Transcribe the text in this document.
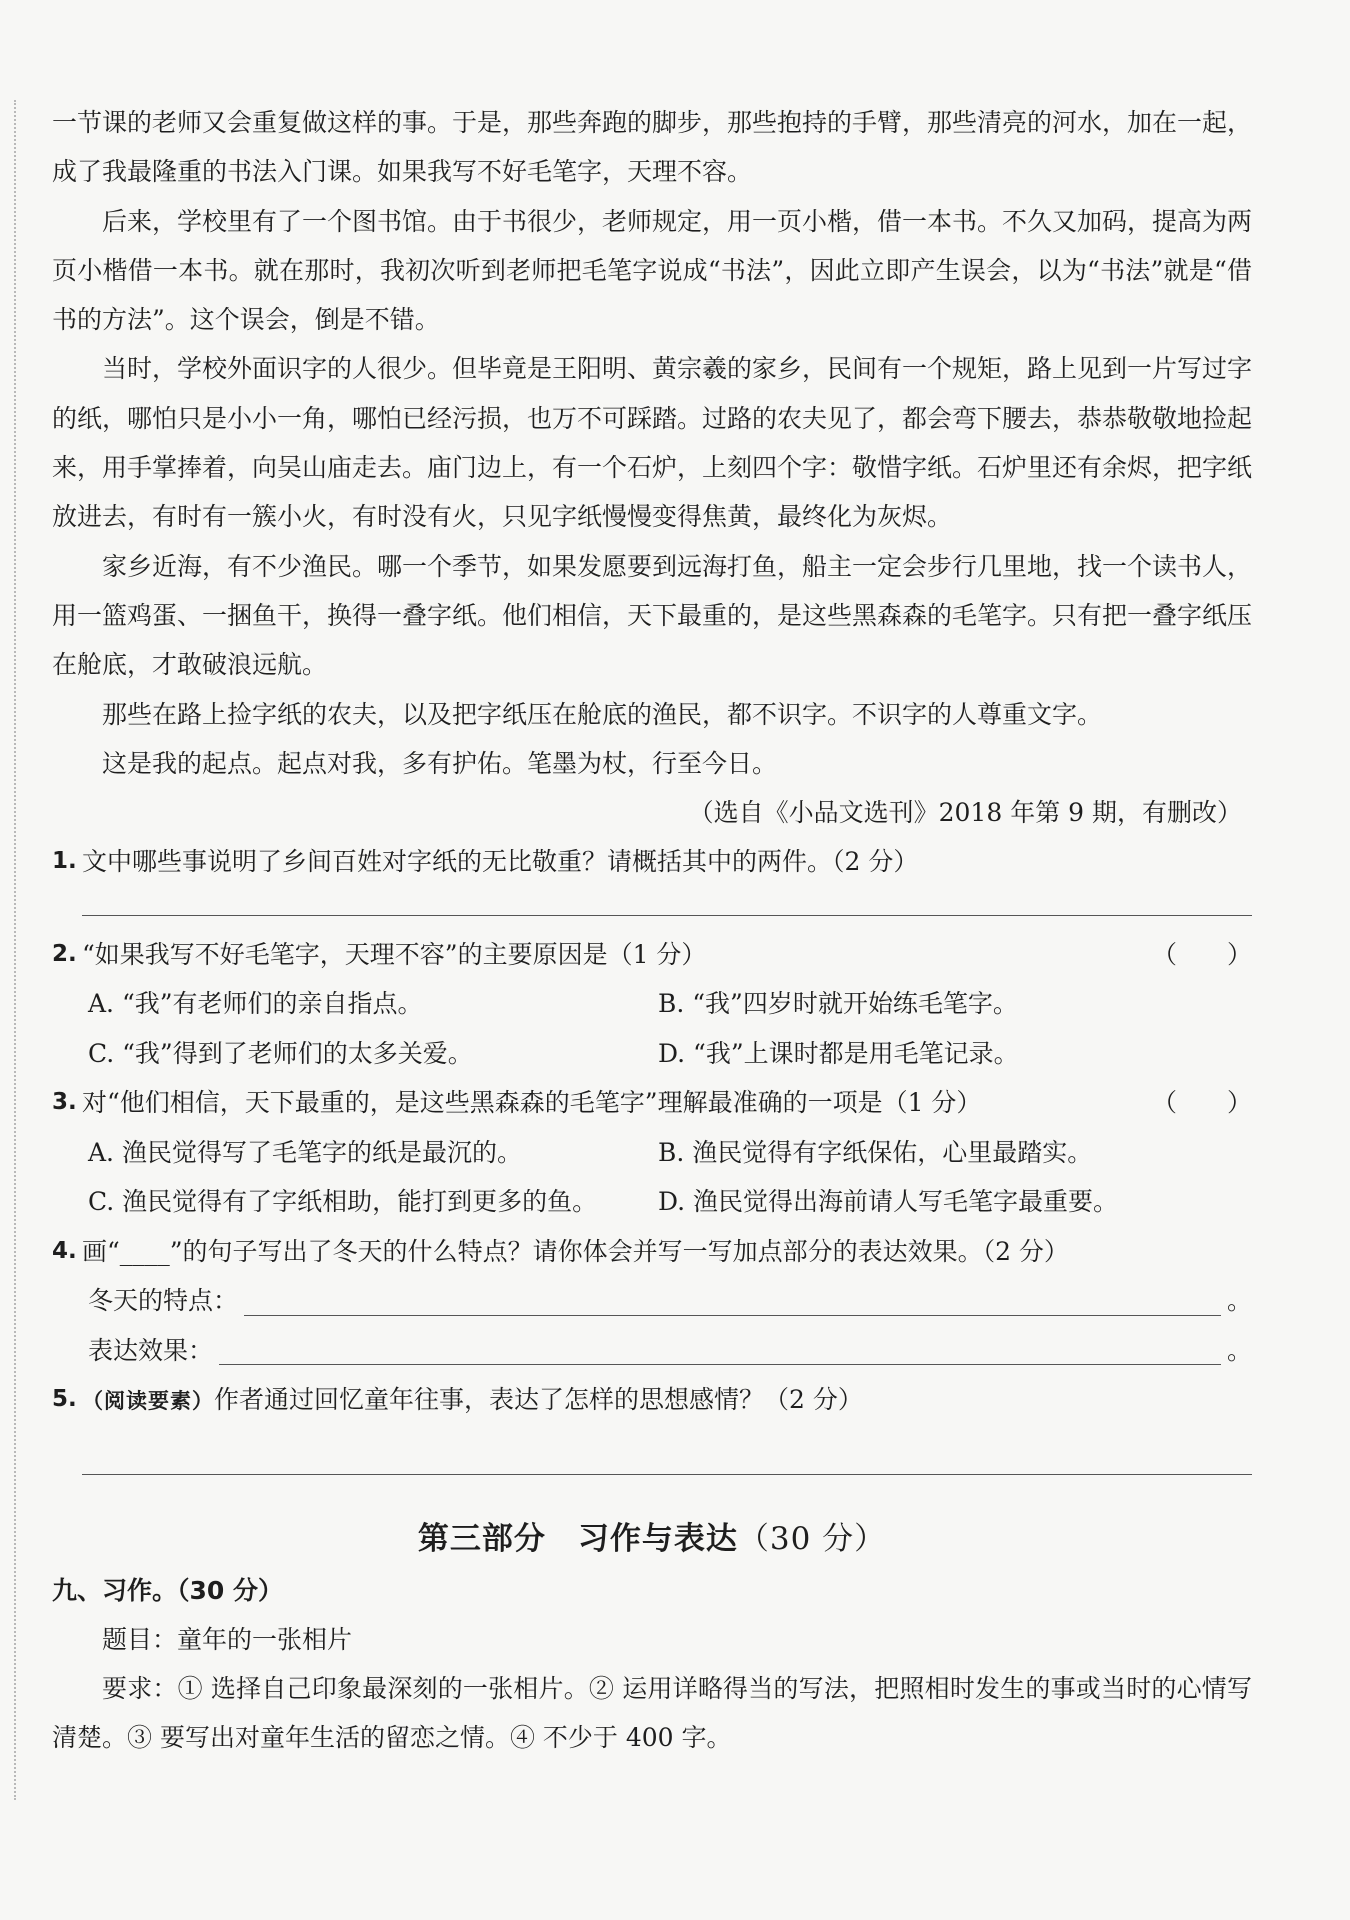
一节课的老师又会重复做这样的事。于是，那些奔跑的脚步，那些抱持的手臂，那些清亮的河水，加在一起，成了我最隆重的书法入门课。如果我写不好毛笔字，天理不容。

后来，学校里有了一个图书馆。由于书很少，老师规定，用一页小楷，借一本书。不久又加码，提高为两页小楷借一本书。就在那时，我初次听到老师把毛笔字说成“书法”，因此立即产生误会，以为“书法”就是“借书的方法”。这个误会，倒是不错。

当时，学校外面识字的人很少。但毕竟是王阳明、黄宗羲的家乡，民间有一个规矩，路上见到一片写过字的纸，哪怕只是小小一角，哪怕已经污损，也万不可踩踏。过路的农夫见了，都会弯下腰去，恭恭敬敬地捡起来，用手掌捧着，向吴山庙走去。庙门边上，有一个石炉，上刻四个字：敬惜字纸。石炉里还有余烬，把字纸放进去，有时有一簇小火，有时没有火，只见字纸慢慢变得焦黄，最终化为灰烬。

家乡近海，有不少渔民。哪一个季节，如果发愿要到远海打鱼，船主一定会步行几里地，找一个读书人，用一篮鸡蛋、一捆鱼干，换得一叠字纸。他们相信，天下最重的，是这些黑森森的毛笔字。只有把一叠字纸压在舱底，才敢破浪远航。

那些在路上捡字纸的农夫，以及把字纸压在舱底的渔民，都不识字。不识字的人尊重文字。

这是我的起点。起点对我，多有护佑。笔墨为杖，行至今日。

（选自《小品文选刊》2018 年第 9 期，有删改）

1. 文中哪些事说明了乡间百姓对字纸的无比敬重？请概括其中的两件。（2 分）
2. “如果我写不好毛笔字，天理不容”的主要原因是（1 分）	（　　）
A. “我”有老师们的亲自指点。	B. “我”四岁时就开始练毛笔字。
C. “我”得到了老师们的太多关爱。	D. “我”上课时都是用毛笔记录。
3. 对“他们相信，天下最重的，是这些黑森森的毛笔字”理解最准确的一项是（1 分）	（　　）
A. 渔民觉得写了毛笔字的纸是最沉的。	B. 渔民觉得有字纸保佑，心里最踏实。
C. 渔民觉得有了字纸相助，能打到更多的鱼。	D. 渔民觉得出海前请人写毛笔字最重要。
4. 画“____”的句子写出了冬天的什么特点？请你体会并写一写加点部分的表达效果。（2 分）
冬天的特点：	。
表达效果：	。
5. （阅读要素）作者通过回忆童年往事，表达了怎样的思想感情？（2 分）
第三部分　习作与表达（30 分）

九、习作。（30 分）

题目：童年的一张相片

要求：① 选择自己印象最深刻的一张相片。② 运用详略得当的写法，把照相时发生的事或当时的心情写清楚。③ 要写出对童年生活的留恋之情。④ 不少于 400 字。
